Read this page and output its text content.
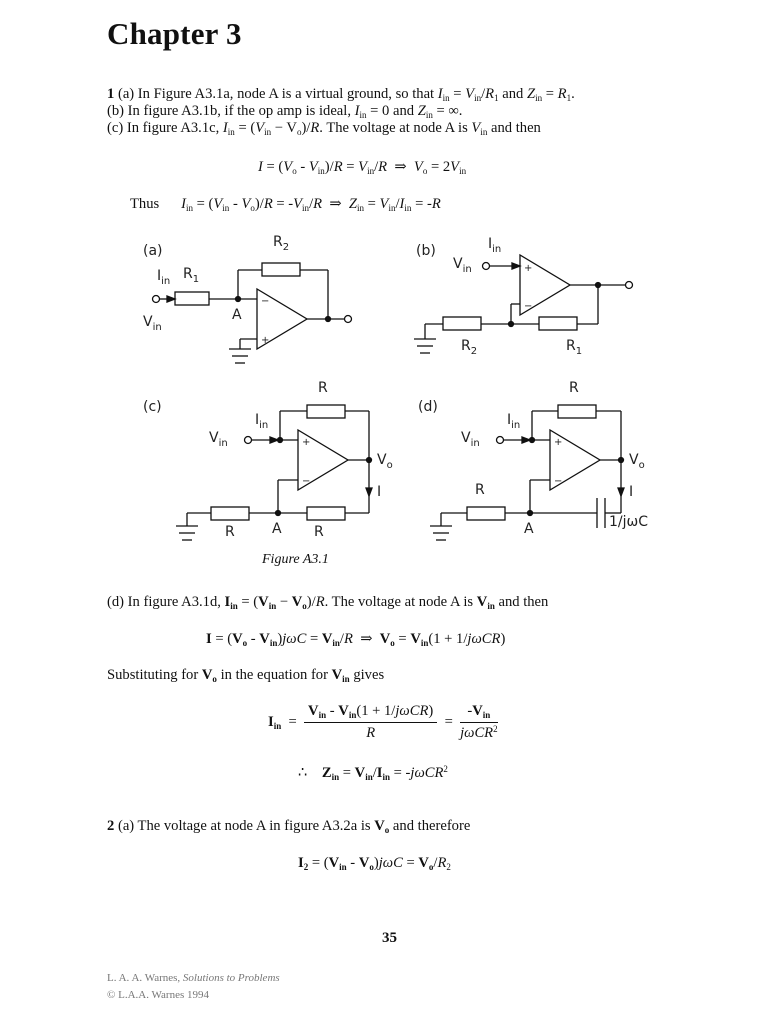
Chapter 3
1 (a) In Figure A3.1a, node A is a virtual ground, so that $I_{in} = V_{in}/R_1$ and $Z_{in} = R_1$.
(b) In figure A3.1b, if the op amp is ideal, $I_{in} = 0$ and $Z_{in}$ = ∞.
(c) In figure A3.1c, $I_{in} = (V_{in} - V_o)/R$. The voltage at node A is $V_{in}$ and then
$I = (V_o - V_{in})/R = V_{in}/R$  ⇒  $V_o = 2V_{in}$
Thus $I_{in} = (V_{in} - V_o)/R = -V_{in}/R$  ⇒  $Z_{in} = V_{in}/I_{in} = -R$
(a)
$R_2$
$I_{in}$ $R_1$
$V_{in}$
A
−
+
(b)	$I_{in}$
$V_{in}$
$R_2$	$R_1$
+
−
(c)
R
$I_{in}$
$V_{in}$
$V_o$
I
R	A R
+
−
(d)
R
$I_{in}$
$V_{in}$
$V_o$
I
R
A	1/jωC
+
−
Figure A3.1
(d) In figure A3.1d, $I_{in} = (V_{in} - V_o)/R$. The voltage at node A is $V_{in}$ and then
$I = (V_o - V_{in})j\omega C = V_{in}/R$  ⇒  $V_o = V_{in}(1 + 1/j\omega CR)$
Substituting for $V_o$ in the equation for $V_{in}$ gives
$I_{in} = \frac{V_{in} - V_{in}(1 + 1/j\omega CR)}{R} = \frac{-V_{in}}{j\omega CR^2}$
∴ $Z_{in} = V_{in}/I_{in} = -j\omega CR^2$
2 (a) The voltage at node A in figure A3.2a is $V_o$ and therefore
$I_2 = (V_{in} - V_o)j\omega C = V_o/R_2$
35
L. A. A. Warnes, Solutions to Problems
© L.A.A. Warnes 1994
